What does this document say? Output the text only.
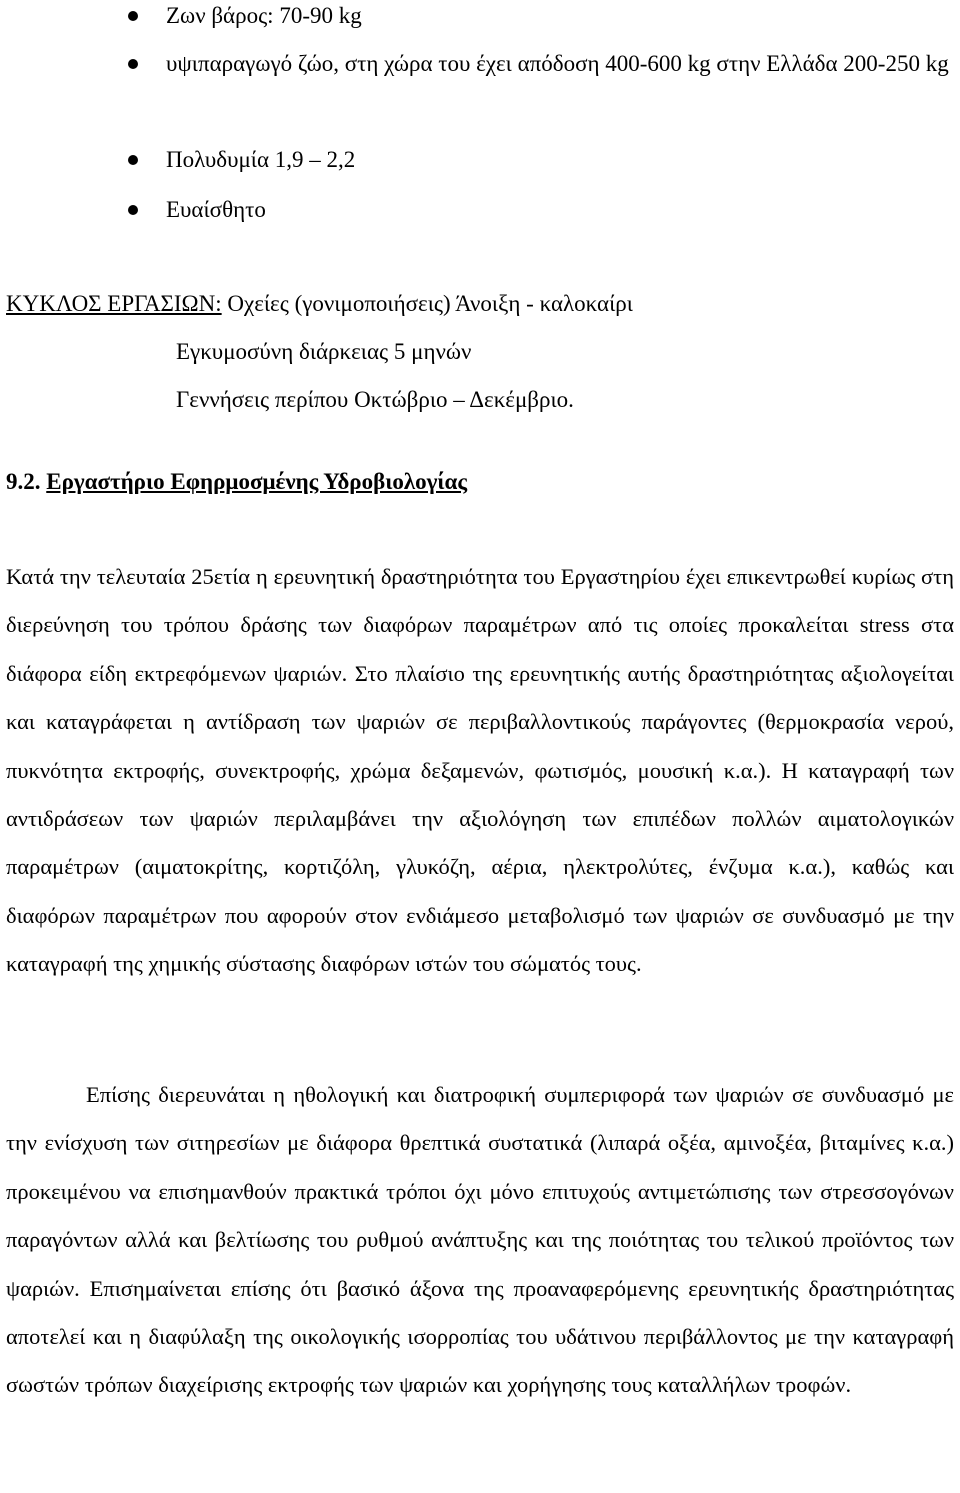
Ζων βάρος: 70-90 kg
υψιπαραγωγό ζώο, στη χώρα του έχει απόδοση 400-600 kg στην Ελλάδα 200-250 kg
Πολυδυμία 1,9 – 2,2
Ευαίσθητο
ΚΥΚΛΟΣ ΕΡΓΑΣΙΩΝ: Οχείες (γονιμοποιήσεις) Άνοιξη - καλοκαίρι
Εγκυμοσύνη διάρκειας 5 μηνών
Γεννήσεις περίπου Οκτώβριο – Δεκέμβριο.
9.2. Εργαστήριο Εφηρμοσμένης Υδροβιολογίας

Κατά την τελευταία 25ετία η ερευνητική δραστηριότητα του Εργαστηρίου έχει επικεντρωθεί κυρίως στη διερεύνηση του τρόπου δράσης των διαφόρων παραμέτρων από τις οποίες προκαλείται stress στα διάφορα είδη εκτρεφόμενων ψαριών. Στο πλαίσιο της ερευνητικής αυτής δραστηριότητας αξιολογείται και καταγράφεται η αντίδραση των ψαριών σε περιβαλλοντικούς παράγοντες (θερμοκρασία νερού, πυκνότητα εκτροφής, συνεκτροφής, χρώμα δεξαμενών, φωτισμός, μουσική κ.α.). Η καταγραφή των αντιδράσεων των ψαριών περιλαμβάνει την αξιολόγηση των επιπέδων πολλών αιματολογικών παραμέτρων (αιματοκρίτης, κορτιζόλη, γλυκόζη, αέρια, ηλεκτρολύτες, ένζυμα κ.α.), καθώς και διαφόρων παραμέτρων που αφορούν στον ενδιάμεσο μεταβολισμό των ψαριών σε συνδυασμό με την καταγραφή της χημικής σύστασης διαφόρων ιστών του σώματός τους.

Επίσης διερευνάται η ηθολογική και διατροφική συμπεριφορά των ψαριών σε συνδυασμό με την ενίσχυση των σιτηρεσίων με διάφορα θρεπτικά συστατικά (λιπαρά οξέα, αμινοξέα, βιταμίνες κ.α.) προκειμένου να επισημανθούν πρακτικά τρόποι όχι μόνο επιτυχούς αντιμετώπισης των στρεσσογόνων παραγόντων αλλά και βελτίωσης του ρυθμού ανάπτυξης και της ποιότητας του τελικού προϊόντος των ψαριών. Επισημαίνεται επίσης ότι βασικό άξονα της προαναφερόμενης ερευνητικής δραστηριότητας αποτελεί και η διαφύλαξη της οικολογικής ισορροπίας του υδάτινου περιβάλλοντος με την καταγραφή σωστών τρόπων διαχείρισης εκτροφής των ψαριών και χορήγησης τους καταλλήλων τροφών.
